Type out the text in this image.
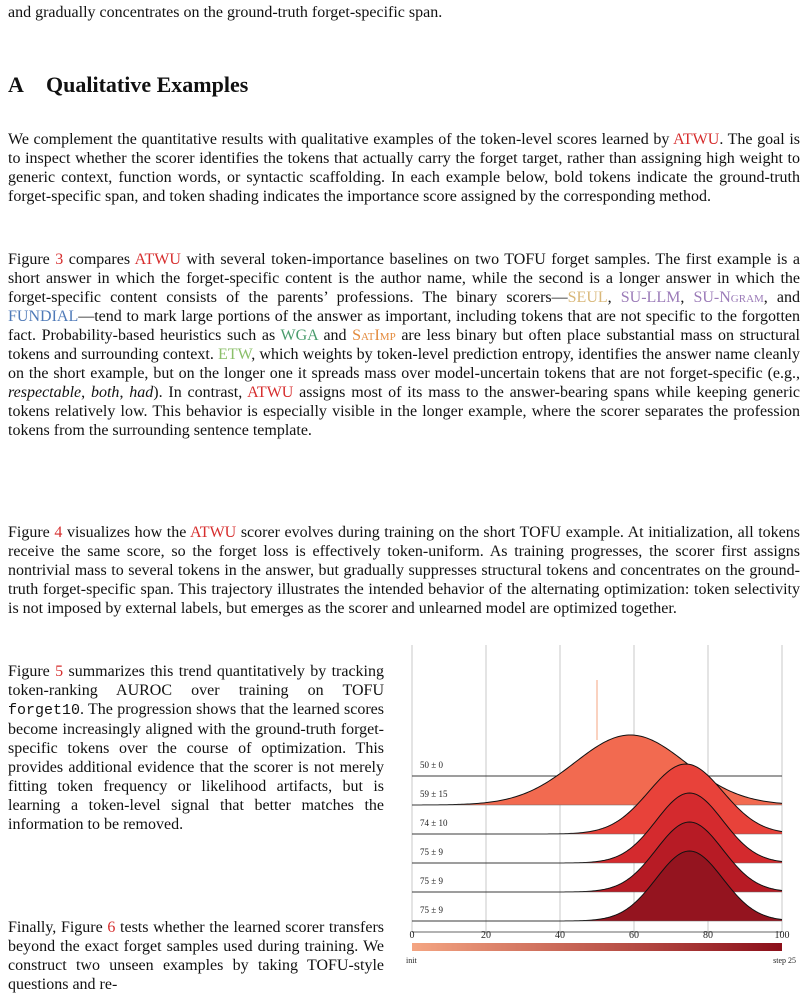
and gradually concentrates on the ground-truth forget-specific span.
A Qualitative Examples

We complement the quantitative results with qualitative examples of the token-level scores learned by ATWU. The goal is to inspect whether the scorer identifies the tokens that actually carry the forget target, rather than assigning high weight to generic context, function words, or syntactic scaffolding. In each example below, bold tokens indicate the ground-truth forget-specific span, and token shading indicates the importance score assigned by the corresponding method.

Figure 3 compares ATWU with several token-importance baselines on two TOFU forget samples. The first example is a short answer in which the forget-specific content is the author name, while the second is a longer answer in which the forget-specific content consists of the parents’ professions. The binary scorers—SEUL, SU-LLM, SU-Ngram, and FUNDIAL—tend to mark large portions of the answer as important, including tokens that are not specific to the forgotten fact. Probability-based heuristics such as WGA and SatImp are less binary but often place substantial mass on structural tokens and surrounding context. ETW, which weights by token-level prediction entropy, identifies the answer name cleanly on the short example, but on the longer one it spreads mass over model-uncertain tokens that are not forget-specific (e.g., respectable, both, had). In contrast, ATWU assigns most of its mass to the answer-bearing spans while keeping generic tokens relatively low. This behavior is especially visible in the longer example, where the scorer separates the profession tokens from the surrounding sentence template.

Figure 4 visualizes how the ATWU scorer evolves during training on the short TOFU example. At initialization, all tokens receive the same score, so the forget loss is effectively token-uniform. As training progresses, the scorer first assigns nontrivial mass to several tokens in the answer, but gradually suppresses structural tokens and concentrates on the ground-truth forget-specific span. This trajectory illustrates the intended behavior of the alternating optimization: token selectivity is not imposed by external labels, but emerges as the scorer and unlearned model are optimized together.

Figure 5 summarizes this trend quantitatively by tracking token-ranking AUROC over training on TOFU forget10. The progression shows that the learned scores become increasingly aligned with the ground-truth forget-specific tokens over the course of optimization. This provides additional evidence that the scorer is not merely fitting token frequency or likelihood artifacts, but is learning a token-level signal that better matches the information to be removed.

Finally, Figure 6 tests whether the learned scorer transfers beyond the exact forget samples used during training. We construct two unseen examples by taking TOFU-style questions and re-

50 ± 0
59 ± 15
74 ± 10
75 ± 9
75 ± 9
75 ± 9
0	20	40	60	80	100
init	step 25
